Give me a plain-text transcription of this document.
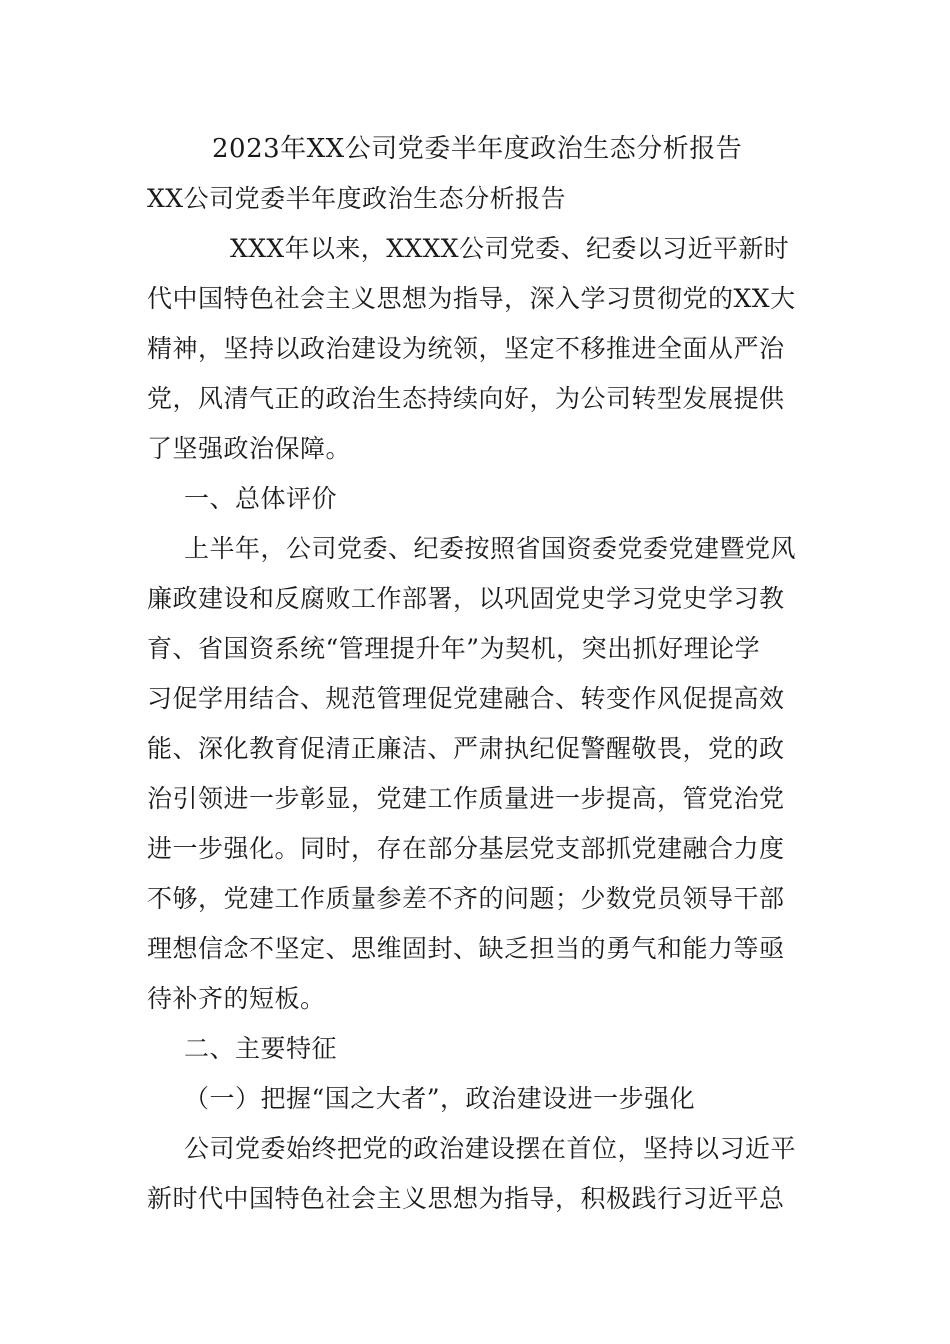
2023年XX公司党委半年度政治生态分析报告
XX公司党委半年度政治生态分析报告
XXX年以来，XXXX公司党委、纪委以习近平新时
代中国特色社会主义思想为指导，深入学习贯彻党的XX大
精神，坚持以政治建设为统领，坚定不移推进全面从严治
党，风清气正的政治生态持续向好，为公司转型发展提供
了坚强政治保障。
一、总体评价
上半年，公司党委、纪委按照省国资委党委党建暨党风
廉政建设和反腐败工作部署，以巩固党史学习党史学习教
育、省国资系统“管理提升年”为契机，突出抓好理论学
习促学用结合、规范管理促党建融合、转变作风促提高效
能、深化教育促清正廉洁、严肃执纪促警醒敬畏，党的政
治引领进一步彰显，党建工作质量进一步提高，管党治党
进一步强化。同时，存在部分基层党支部抓党建融合力度
不够，党建工作质量参差不齐的问题；少数党员领导干部
理想信念不坚定、思维固封、缺乏担当的勇气和能力等亟
待补齐的短板。
二、主要特征
（一）把握“国之大者”，政治建设进一步强化
公司党委始终把党的政治建设摆在首位，坚持以习近平
新时代中国特色社会主义思想为指导，积极践行习近平总
